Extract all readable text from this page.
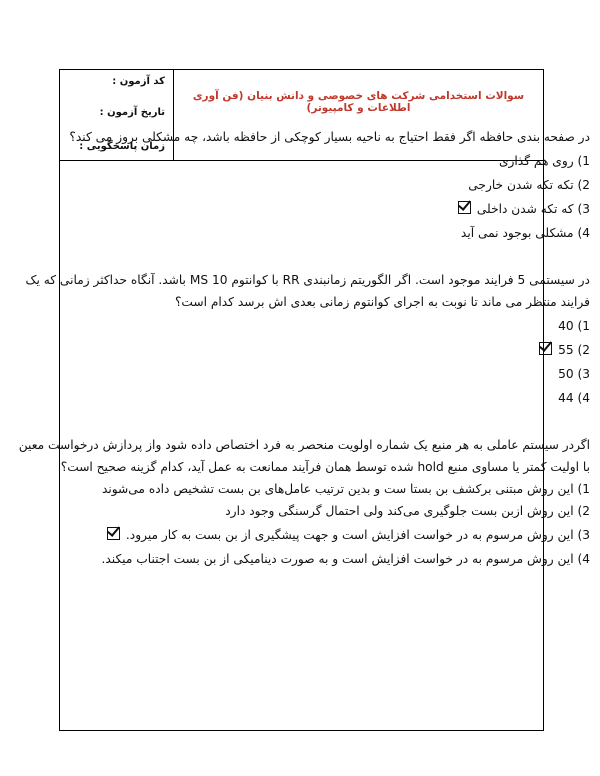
کد آزمون :
تاریخ آزمون :
زمان پاسخگویی :
سوالات استخدامی شرکت های خصوصی و دانش بنیان (فن آوری اطلاعات و کامپیوتر)

در صفحه بندی حافظه اگر فقط احتیاج به ناحیه بسیار کوچکی از حافظه باشد، چه مشکلی بروز می کند؟

1) روی هم گذاری
2) تکه تکه شدن خارجی
3) که تکه شدن داخلی
4) مشکلی بوجود نمی آید

در سیستمی 5 فرایند موجود است. اگر الگوریتم زمانبندی RR با کوانتوم 10 MS باشد. آنگاه حداکثر زمانی که یک فرایند منتظر می ماند تا نوبت به اجرای کوانتوم زمانی بعدی اش برسد کدام است؟

1) 40
2) 55
3) 50
4) 44

اگردر سیستم عاملی به هر منبع یک شماره اولویت منحصر به فرد اختصاص داده شود واز پردازش درخواست معین با اولیت کمتر یا مساوی منبع hold شده توسط همان فرآیند ممانعت به عمل آید، کدام گزینه صحیح است؟

1) این روش مبتنی برکشف بن بستا ست و بدین ترتیب عامل‌های بن بست تشخیص داده می‌شوند
2) این روش ازبن بست جلوگیری می‌کند ولی احتمال گرسنگی وجود دارد
3) این روش مرسوم به در خواست افزایش است و جهت پیشگیری از بن بست به کار میرود.
4) این روش مرسوم به در خواست افزایش است و به صورت دینامیکی از بن بست اجتناب میکند.
